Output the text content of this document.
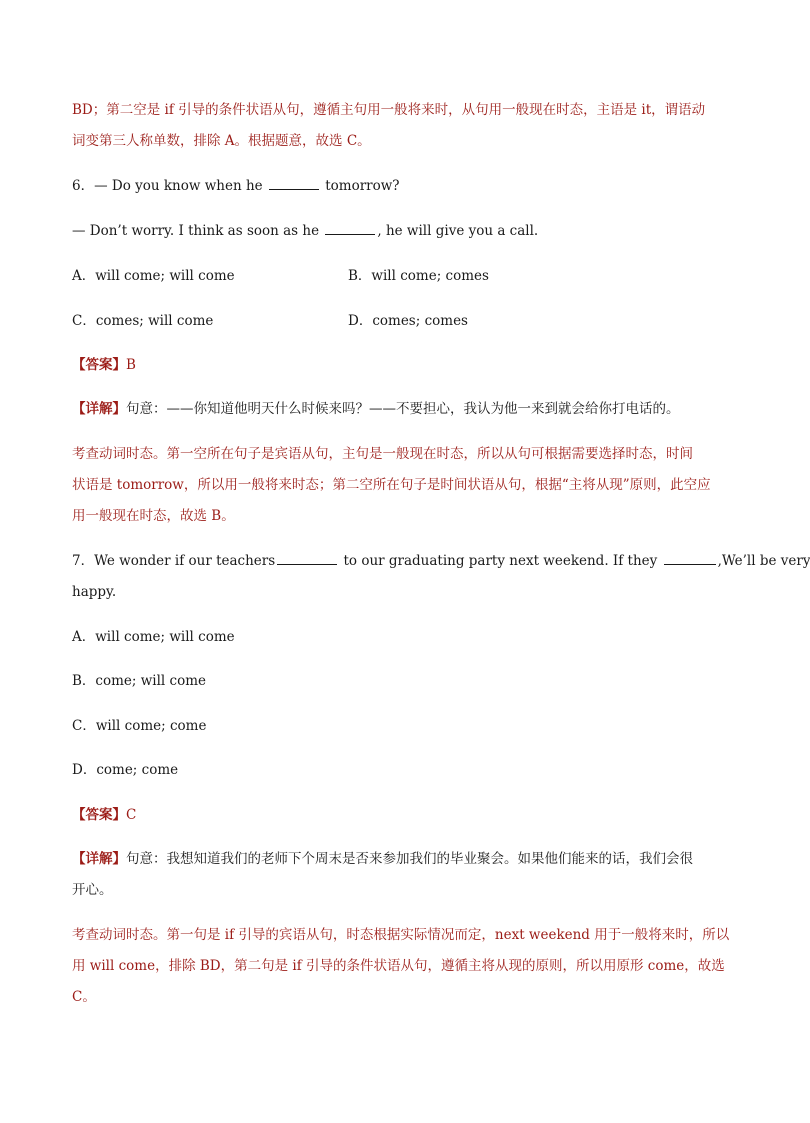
BD；第二空是 if 引导的条件状语从句，遵循主句用一般将来时，从句用一般现在时态，主语是 it，谓语动
词变第三人称单数，排除 A。根据题意，故选 C。
6．— Do you know when he	tomorrow?
— Don’t worry. I think as soon as he	, he will give you a call.
A．will come; will come	B．will come; comes
C．comes; will come	D．comes; comes
【答案】B
【详解】句意：——你知道他明天什么时候来吗？——不要担心，我认为他一来到就会给你打电话的。
考查动词时态。第一空所在句子是宾语从句，主句是一般现在时态，所以从句可根据需要选择时态，时间
状语是 tomorrow，所以用一般将来时态；第二空所在句子是时间状语从句，根据“主将从现”原则，此空应
用一般现在时态，故选 B。
7．We wonder if our teachers	to our graduating party next weekend. If they	,We’ll be very
happy.
A．will come; will come
B．come; will come
C．will come; come
D．come; come
【答案】C
【详解】句意：我想知道我们的老师下个周末是否来参加我们的毕业聚会。如果他们能来的话，我们会很
开心。
考查动词时态。第一句是 if 引导的宾语从句，时态根据实际情况而定，next weekend 用于一般将来时，所以
用 will come，排除 BD，第二句是 if 引导的条件状语从句，遵循主将从现的原则，所以用原形 come，故选
C。
